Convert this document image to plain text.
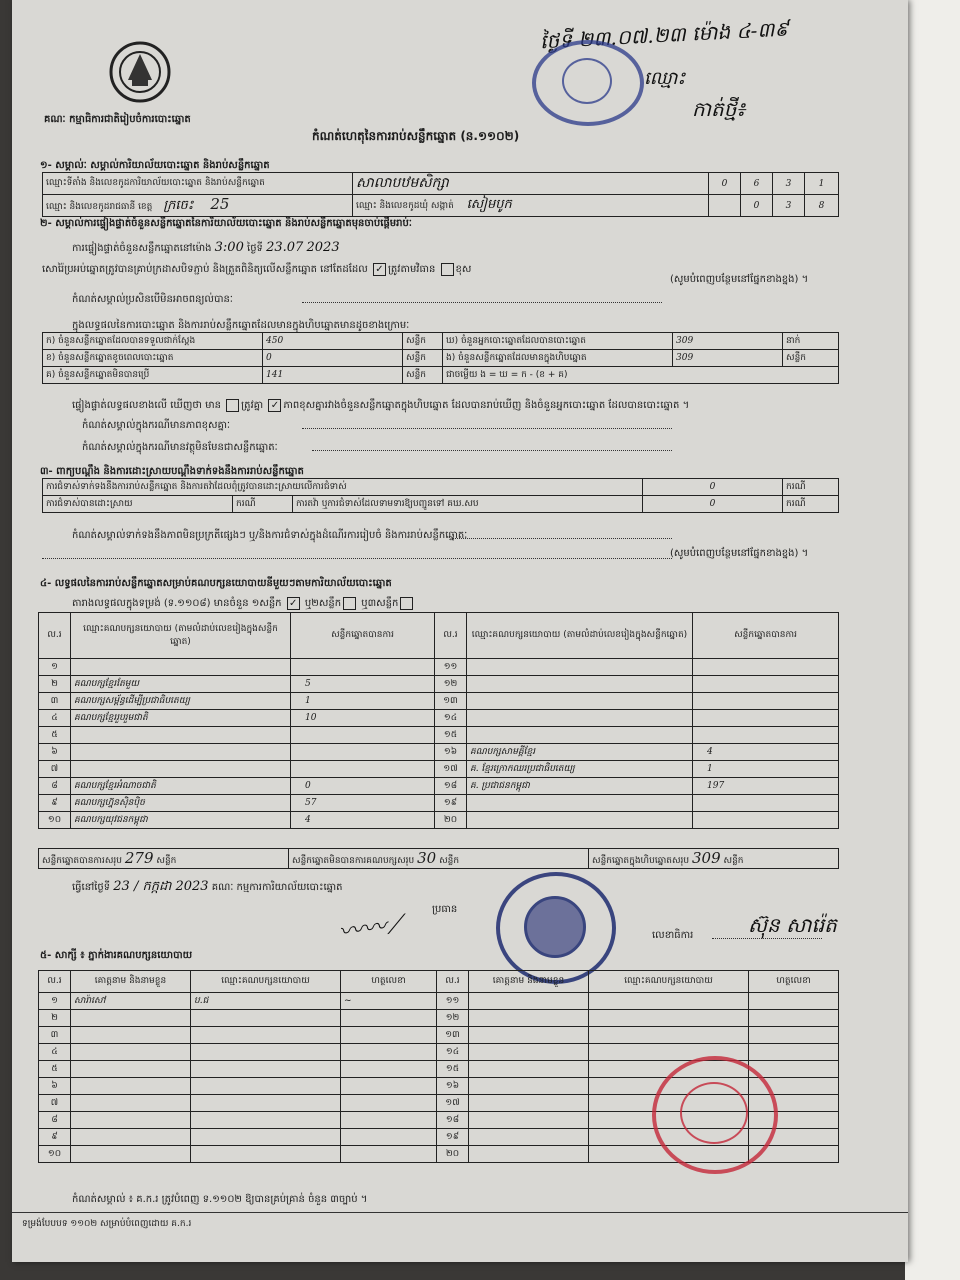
គណៈ កម្មាធិការជាតិរៀបចំការបោះឆ្នោត
ថ្ងៃទី ២៣.០៧.២៣ ម៉ោង ៤-៣៩
ឈ្មោះ
កាត់​ថ្មី៖
កំណត់ហេតុនៃការរាប់សន្លឹកឆ្នោត (ន.១១០២)
១- សម្គាល់ៈ សម្គាល់ការិយាល័យបោះឆ្នោត និងរាប់សន្លឹកឆ្នោត
ឈ្មោះទីតាំង និងលេខកូដការិយាល័យបោះឆ្នោត និងរាប់សន្លឹកឆ្នោត	សាលាបឋមសិក្សា	0	6	3	1
ឈ្មោះ និងលេខកូដរាជធានី ខេត្ត ក្រចេះ 25	ឈ្មោះ និងលេខកូដឃុំ សង្កាត់ សៀមបូក		0	3	8
២- សម្គាល់ការផ្ទៀងផ្ទាត់ចំនួនសន្លឹកឆ្នោតនៃការិយាល័យបោះឆ្នោត និងរាប់សន្លឹកឆ្នោតមុនចាប់ផ្តើមរាប់ៈ
ការផ្ទៀងផ្ទាត់ចំនួនសន្លឹកឆ្នោតនៅម៉ោង 3:00 ថ្ងៃទី 23.07 2023
សោរ៉ៃប្រអប់ឆ្នោតត្រូវបានគ្រាប់ក្រដាសបិទភ្ជាប់ និងត្រួតពិនិត្យលើសន្លឹកឆ្នោត នៅតែដដែល ✓ ត្រូវតាមវិធាន ខុស
កំណត់សម្គាល់ប្រសិនបើមិនអាចពន្យល់បានៈ
(សូមបំពេញបន្ថែមនៅផ្នែកខាងខ្នង) ។
ក្នុងលទ្ធផលនៃការបោះឆ្នោត និងការរាប់សន្លឹកឆ្នោតដែលមានក្នុងហិបឆ្នោតមានដូចខាងក្រោមៈ
ក) ចំនួនសន្លឹកឆ្នោតដែលបានទទួលជាក់ស្តែង	450	សន្លឹក	ឃ) ចំនួនអ្នកបោះឆ្នោតដែលបានបោះឆ្នោត	309	នាក់
ខ) ចំនួនសន្លឹកឆ្នោតខូចពេលបោះឆ្នោត	0	សន្លឹក	ង) ចំនួនសន្លឹកឆ្នោតដែលមានក្នុងហិបឆ្នោត	309	សន្លឹក
គ) ចំនួនសន្លឹកឆ្នោតមិនបានប្រើ	141	សន្លឹក	ជាចម្លើយ ង = ឃ = ក - (ខ + គ)		
ផ្ទៀងផ្ទាត់លទ្ធផលខាងលើ ឃើញថា មាន ត្រូវគ្នា ✓ ភាពខុសគ្នារវាងចំនួនសន្លឹកឆ្នោតក្នុងហិបឆ្នោត ដែលបានរាប់ឃើញ និងចំនួនអ្នកបោះឆ្នោត ដែលបានបោះឆ្នោត ។
កំណត់សម្គាល់ក្នុងករណីមានភាពខុសគ្នាៈ
កំណត់សម្គាល់ក្នុងករណីមានវត្ថុមិនមែនជាសន្លឹកឆ្នោតៈ
៣- ពាក្យបណ្តឹង និងការដោះស្រាយបណ្តឹងទាក់ទងនឹងការរាប់សន្លឹកឆ្នោត
ការជំទាស់ទាក់ទងនឹងការរាប់សន្លឹកឆ្នោត និងការតវ៉ាដែលពុំត្រូវបានដោះស្រាយលើការជំទាស់			0	ករណី
ការជំទាស់បានដោះស្រាយ	ករណី	ការតវ៉ា ឬការជំទាស់ដែលទាមទារឱ្យបញ្ជូនទៅ គឃ.សប	0	ករណី
កំណត់សម្គាល់ទាក់ទងនឹងភាពមិនប្រក្រតីផ្សេងៗ ឬ/និងការជំទាស់ក្នុងដំណើរការរៀបចំ និងការរាប់សន្លឹកឆ្នោតៈ
(សូមបំពេញបន្ថែមនៅផ្នែកខាងខ្នង) ។
៤- លទ្ធផលនៃការរាប់សន្លឹកឆ្នោតសម្រាប់គណបក្សនយោបាយនីមួយៗតាមការិយាល័យបោះឆ្នោត
តារាងលទ្ធផលក្នុងទម្រង់ (ទ.១១០៨) មានចំនួន ១សន្លឹក ✓ ឬ២សន្លឹក ឬ៣សន្លឹក
ល.រ	ឈ្មោះគណបក្សនយោបាយ (តាមលំដាប់លេខរៀងក្នុងសន្លឹកឆ្នោត)	សន្លឹកឆ្នោតបានការ	ល.រ	ឈ្មោះគណបក្សនយោបាយ (តាមលំដាប់លេខរៀងក្នុងសន្លឹកឆ្នោត)	សន្លឹកឆ្នោតបានការ
១			១១		
២	គណបក្សខ្មែរតែមួយ	5	១២		
៣	គណបក្សសម្ព័ន្ធដើម្បីប្រជាធិបតេយ្យ	1	១៣		
៤	គណបក្សខ្មែររួបរួមជាតិ	10	១៤		
៥			១៥		
៦			១៦	គណបក្សសាមគ្គីខ្មែរ	4
៧			១៧	គ. ខ្មែរក្រោកឈរប្រជាធិបតេយ្យ	1
៨	គណបក្សខ្មែរអំណាចជាតិ	0	១៨	គ. ប្រជាជនកម្ពុជា	197
៩	គណបក្សហ្វ៊ុនស៊ិនប៉ិច	57	១៩		
១០	គណបក្សយុវជនកម្ពុជា	4	២០		
សន្លឹកឆ្នោតបានការសរុប 279 សន្លឹក	សន្លឹកឆ្នោតមិនបានការគណបក្សសរុប 30 សន្លឹក	សន្លឹកឆ្នោតក្នុងហិបឆ្នោតសរុប 309 សន្លឹក
ធ្វើនៅថ្ងៃទី 23 / កក្កដា 2023 គណៈ កម្មការការិយាល័យបោះឆ្នោត
ប្រធាន
〰〰⟋	លេខាធិការ	ស៊ុន សារ៉េត
៥- សាក្សី ៖ ភ្នាក់ងារគណបក្សនយោបាយ
ល.រ	គោត្តនាម និងនាមខ្លួន	ឈ្មោះគណបក្សនយោបាយ	ហត្ថលេខា	ល.រ	គោត្តនាម និងនាមខ្លួន	ឈ្មោះគណបក្សនយោបាយ	ហត្ថលេខា
១	សារ៉ាសៅ	ប.ជ	~	១១			
២				១២			
៣				១៣			
៤				១៤			
៥				១៥			
៦				១៦			
៧				១៧			
៨				១៨			
៩				១៩			
១០				២០			
កំណត់សម្គាល់ ៖ គ.ក.រ ត្រូវបំពេញ ទ.១១០២ ឱ្យបានគ្រប់គ្រាន់ ចំនួន ៣ច្បាប់ ។
ទម្រង់បែបបទ ១១០២ សម្រាប់បំពេញដោយ គ.ក.រ
